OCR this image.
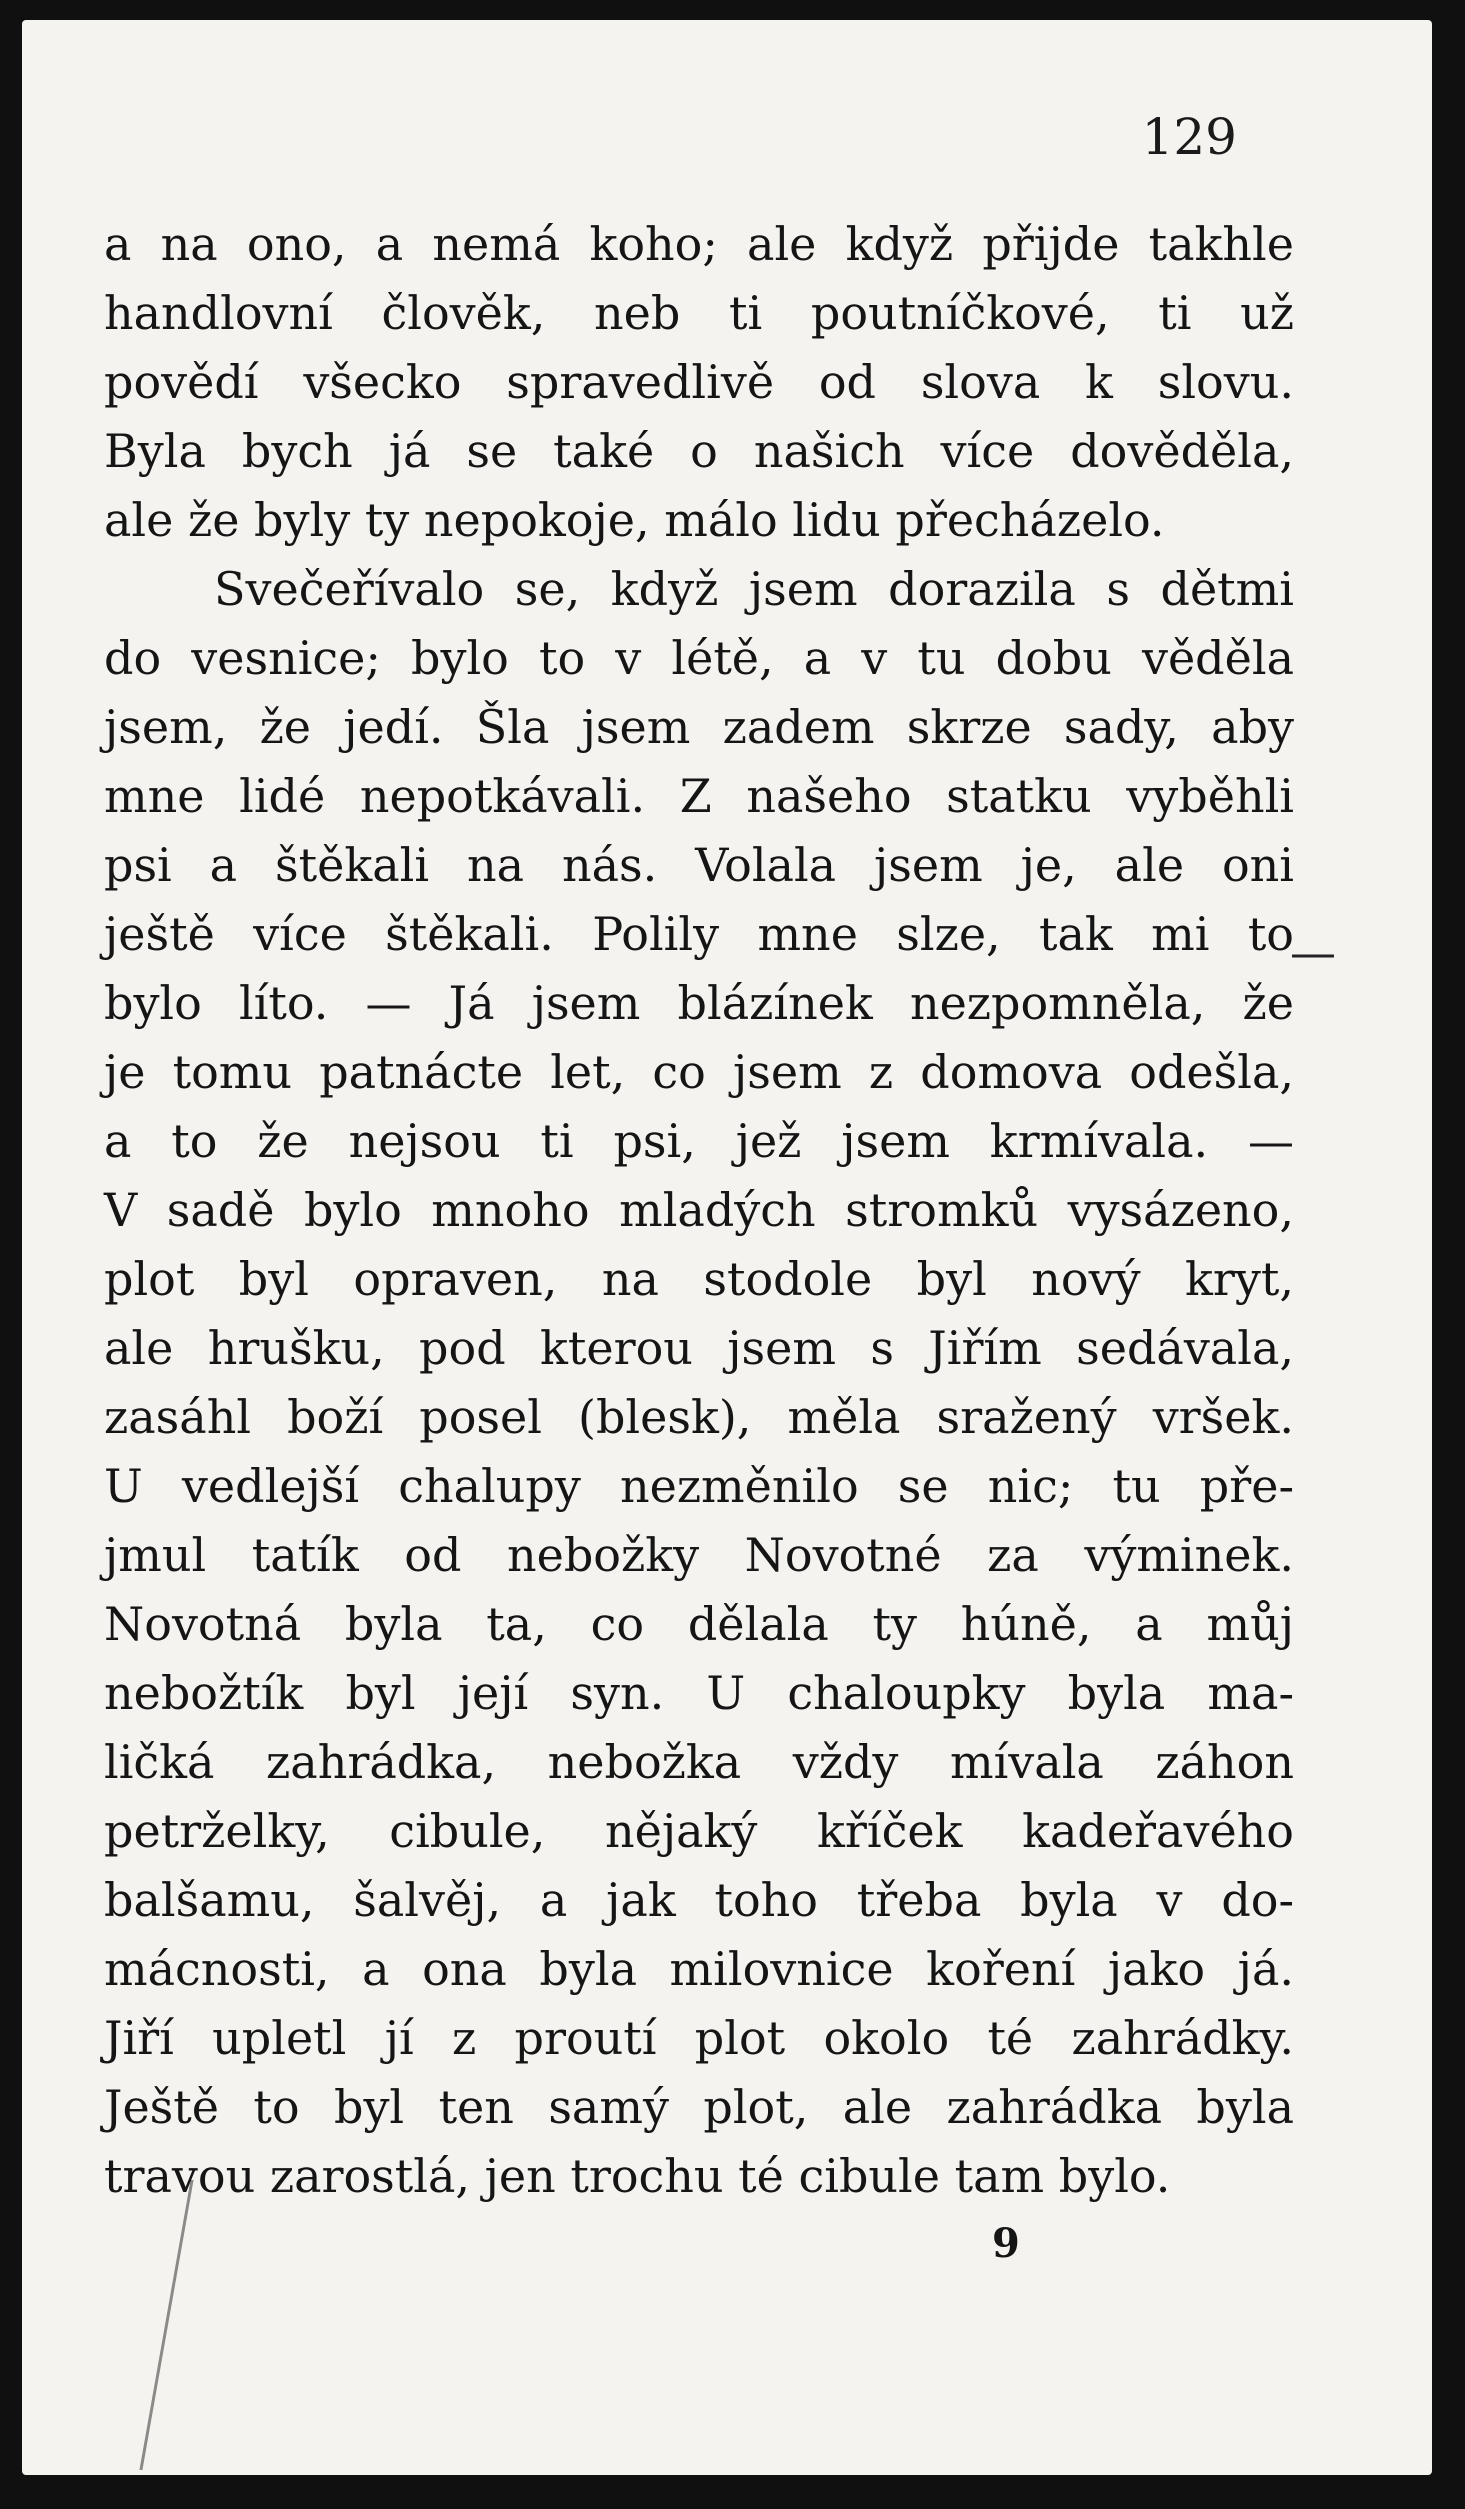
129
a na ono, a nemá koho; ale když přijde takhle
handlovní člověk, neb ti poutníčkové, ti už
povědí všecko spravedlivě od slova k slovu.
Byla bych já se také o našich více dověděla,
ale že byly ty nepokoje, málo lidu přecházelo.
Svečeřívalo se, když jsem dorazila s dětmi
do vesnice; bylo to v létě, a v tu dobu věděla
jsem, že jedí. Šla jsem zadem skrze sady, aby
mne lidé nepotkávali. Z našeho statku vyběhli
psi a štěkali na nás. Volala jsem je, ale oni
ještě více štěkali. Polily mne slze, tak mi to
bylo líto. — Já jsem blázínek nezpomněla, že
je tomu patnácte let, co jsem z domova odešla,
a to že nejsou ti psi, jež jsem krmívala. —
V sadě bylo mnoho mladých stromků vysázeno,
plot byl opraven, na stodole byl nový kryt,
ale hrušku, pod kterou jsem s Jiřím sedávala,
zasáhl boží posel (blesk), měla sražený vršek.
U vedlejší chalupy nezměnilo se nic; tu pře-
jmul tatík od nebožky Novotné za výminek.
Novotná byla ta, co dělala ty húně, a můj
nebožtík byl její syn. U chaloupky byla ma-
ličká zahrádka, nebožka vždy mívala záhon
petrželky, cibule, nějaký kříček kadeřavého
balšamu, šalvěj, a jak toho třeba byla v do-
mácnosti, a ona byla milovnice koření jako já.
Jiří upletl jí z proutí plot okolo té zahrádky.
Ještě to byl ten samý plot, ale zahrádka byla
travou zarostlá, jen trochu té cibule tam bylo.
9
—
